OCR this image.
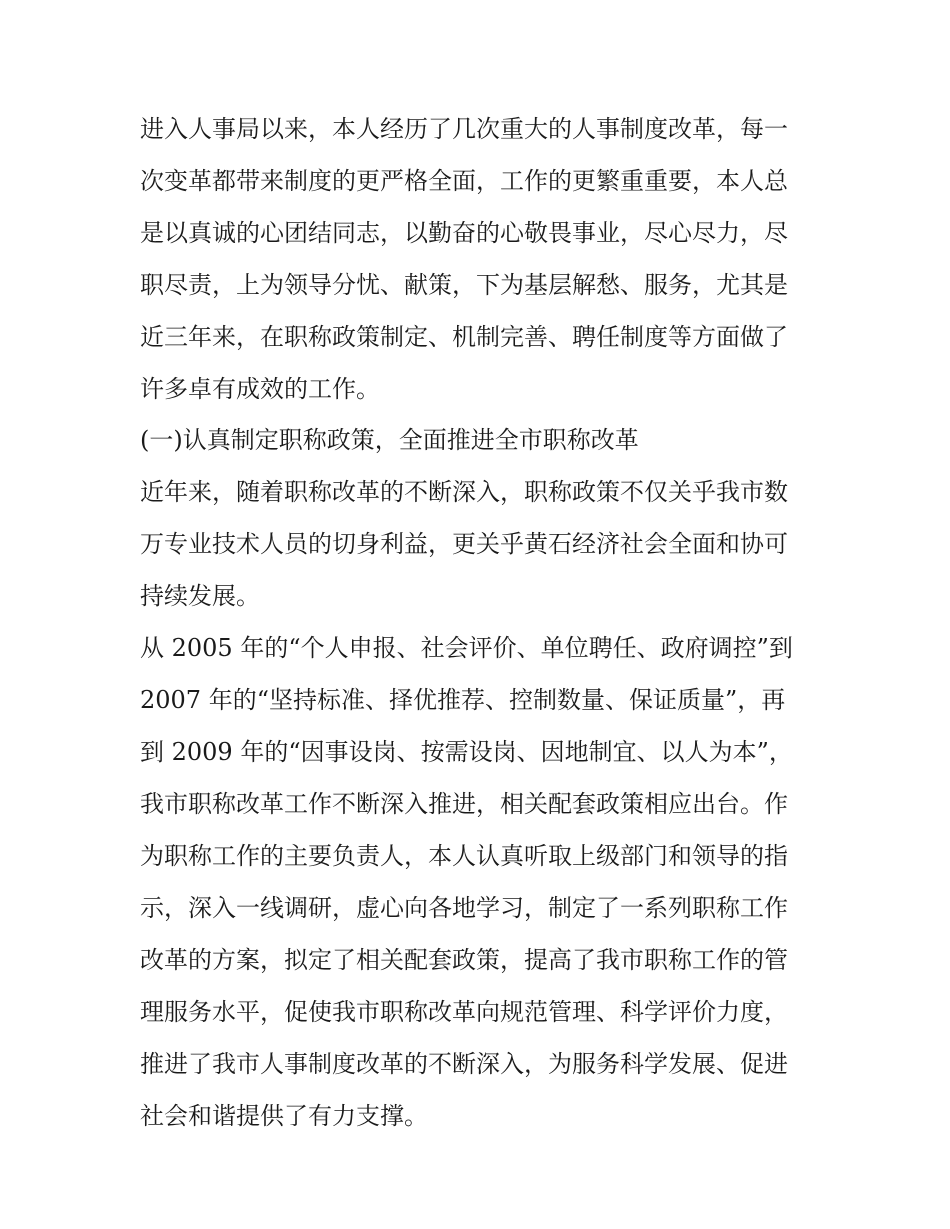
进入人事局以来，本人经历了几次重大的人事制度改革，每一
次变革都带来制度的更严格全面，工作的更繁重重要，本人总
是以真诚的心团结同志，以勤奋的心敬畏事业，尽心尽力，尽
职尽责，上为领导分忧、献策，下为基层解愁、服务，尤其是
近三年来，在职称政策制定、机制完善、聘任制度等方面做了
许多卓有成效的工作。
(一)认真制定职称政策，全面推进全市职称改革
近年来，随着职称改革的不断深入，职称政策不仅关乎我市数
万专业技术人员的切身利益，更关乎黄石经济社会全面和协可
持续发展。
从 2005 年的“个人申报、社会评价、单位聘任、政府调控”到
2007 年的“坚持标准、择优推荐、控制数量、保证质量”，再
到 2009 年的“因事设岗、按需设岗、因地制宜、以人为本”，
我市职称改革工作不断深入推进，相关配套政策相应出台。作
为职称工作的主要负责人，本人认真听取上级部门和领导的指
示，深入一线调研，虚心向各地学习，制定了一系列职称工作
改革的方案，拟定了相关配套政策，提高了我市职称工作的管
理服务水平，促使我市职称改革向规范管理、科学评价力度，
推进了我市人事制度改革的不断深入，为服务科学发展、促进
社会和谐提供了有力支撑。
